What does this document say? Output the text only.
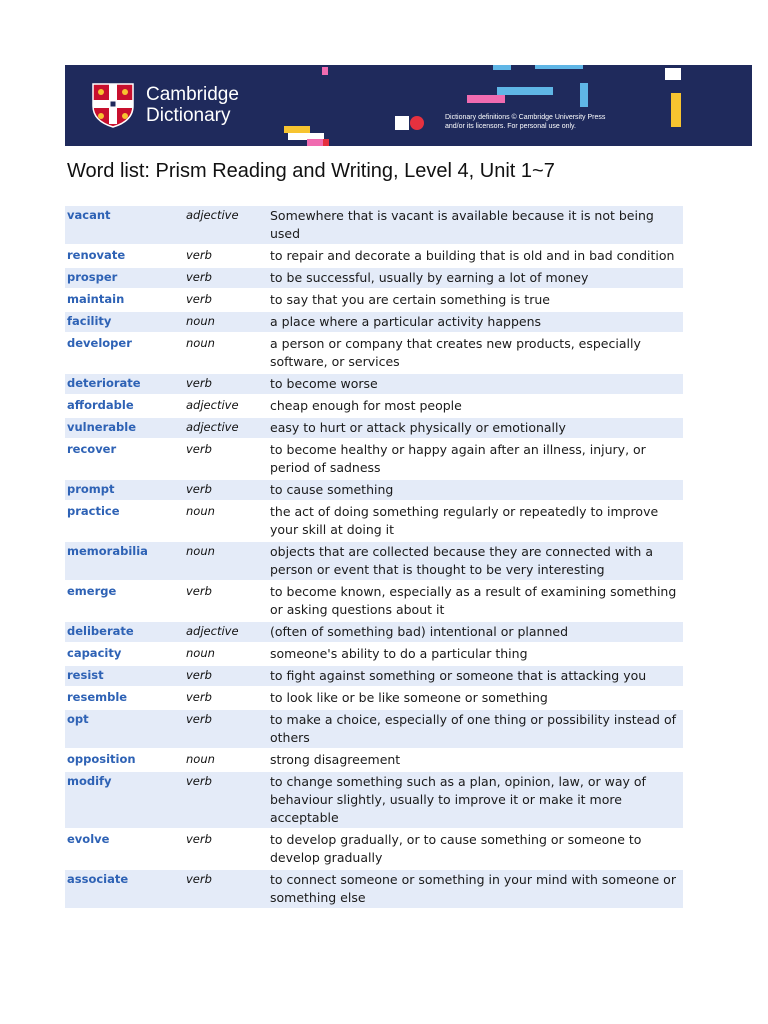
Cambridge
Dictionary	Dictionary definitions © Cambridge University Press
and/or its licensors. For personal use only.
Word list: Prism Reading and Writing, Level 4, Unit 1~7
vacant	adjective	Somewhere that is vacant is available because it is not being used
renovate	verb	to repair and decorate a building that is old and in bad condition
prosper	verb	to be successful, usually by earning a lot of money
maintain	verb	to say that you are certain something is true
facility	noun	a place where a particular activity happens
developer	noun	a person or company that creates new products, especially software, or services
deteriorate	verb	to become worse
affordable	adjective	cheap enough for most people
vulnerable	adjective	easy to hurt or attack physically or emotionally
recover	verb	to become healthy or happy again after an illness, injury, or period of sadness
prompt	verb	to cause something
practice	noun	the act of doing something regularly or repeatedly to improve your skill at doing it
memorabilia	noun	objects that are collected because they are connected with a person or event that is thought to be very interesting
emerge	verb	to become known, especially as a result of examining something or asking questions about it
deliberate	adjective	(often of something bad) intentional or planned
capacity	noun	someone's ability to do a particular thing
resist	verb	to fight against something or someone that is attacking you
resemble	verb	to look like or be like someone or something
opt	verb	to make a choice, especially of one thing or possibility instead of others
opposition	noun	strong disagreement
modify	verb	to change something such as a plan, opinion, law, or way of behaviour slightly, usually to improve it or make it more acceptable
evolve	verb	to develop gradually, or to cause something or someone to develop gradually
associate	verb	to connect someone or something in your mind with someone or something else
